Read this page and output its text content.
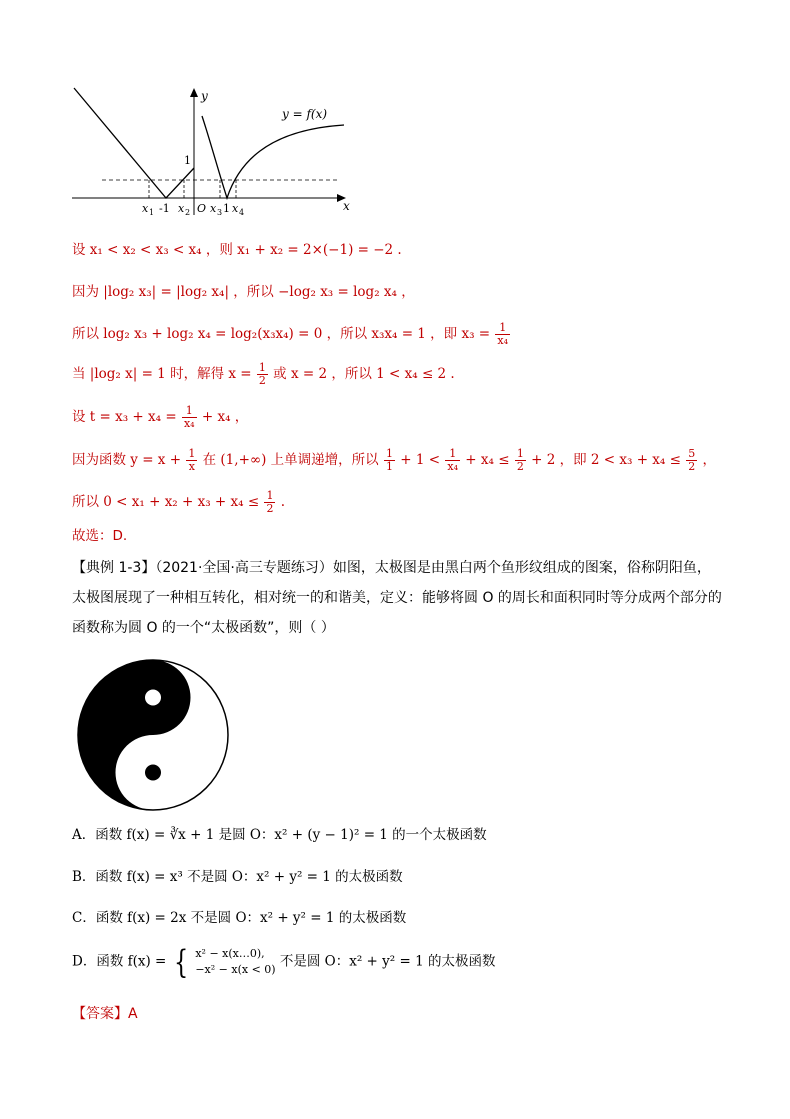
y
x
y = f(x)
1
x 1 -1 x 2 O x 3 1 x 4
设 x₁ < x₂ < x₃ < x₄ ，则 x₁ + x₂ = 2×(−1) = −2 .
因为 |log₂ x₃| = |log₂ x₄| ，所以 −log₂ x₃ = log₂ x₄ ，
所以 log₂ x₃ + log₂ x₄ = log₂(x₃x₄) = 0 ，所以 x₃x₄ = 1 ，即 $x_3 = \frac{1}{\text{x₄}}$
当 |log₂ x| = 1 时，解得 $x = \frac{1}{2}$ 或 x = 2 ，所以 1 < x₄ ≤ 2 .
设 $t = x_3 + x_4 = \frac{1}{\text{x₄}} + x_4$ ，
因为函数 $y = x + \frac{1}{x}$ 在 (1,+∞) 上单调递增，所以 $\frac{1}{1} + 1 < \frac{1}{\text{x₄}} + x_4 \le \frac{1}{2} + 2$ ，即 $2 < x_3 + x_4 \le \frac{5}{2}$ ，
所以 $0 < x_1 + x_2 + x_3 + x_4 \le \frac{1}{2}$ .
故选：D.
【典例 1-3】（2021·全国·高三专题练习）如图，太极图是由黑白两个鱼形纹组成的图案，俗称阴阳鱼，太极图展现了一种相互转化，相对统一的和谐美，定义：能够将圆 O 的周长和面积同时等分成两个部分的函数称为圆 O 的一个“太极函数”，则（ ）
A．函数 f(x) = ∛x + 1 是圆 O：x² + (y − 1)² = 1 的一个太极函数
B．函数 f(x) = x³ 不是圆 O：x² + y² = 1 的太极函数
C．函数 f(x) = 2x 不是圆 O：x² + y² = 1 的太极函数
D．函数 f(x) = { x² − x(x…0),
−x² − x(x < 0) 不是圆 O：x² + y² = 1 的太极函数
【答案】A
